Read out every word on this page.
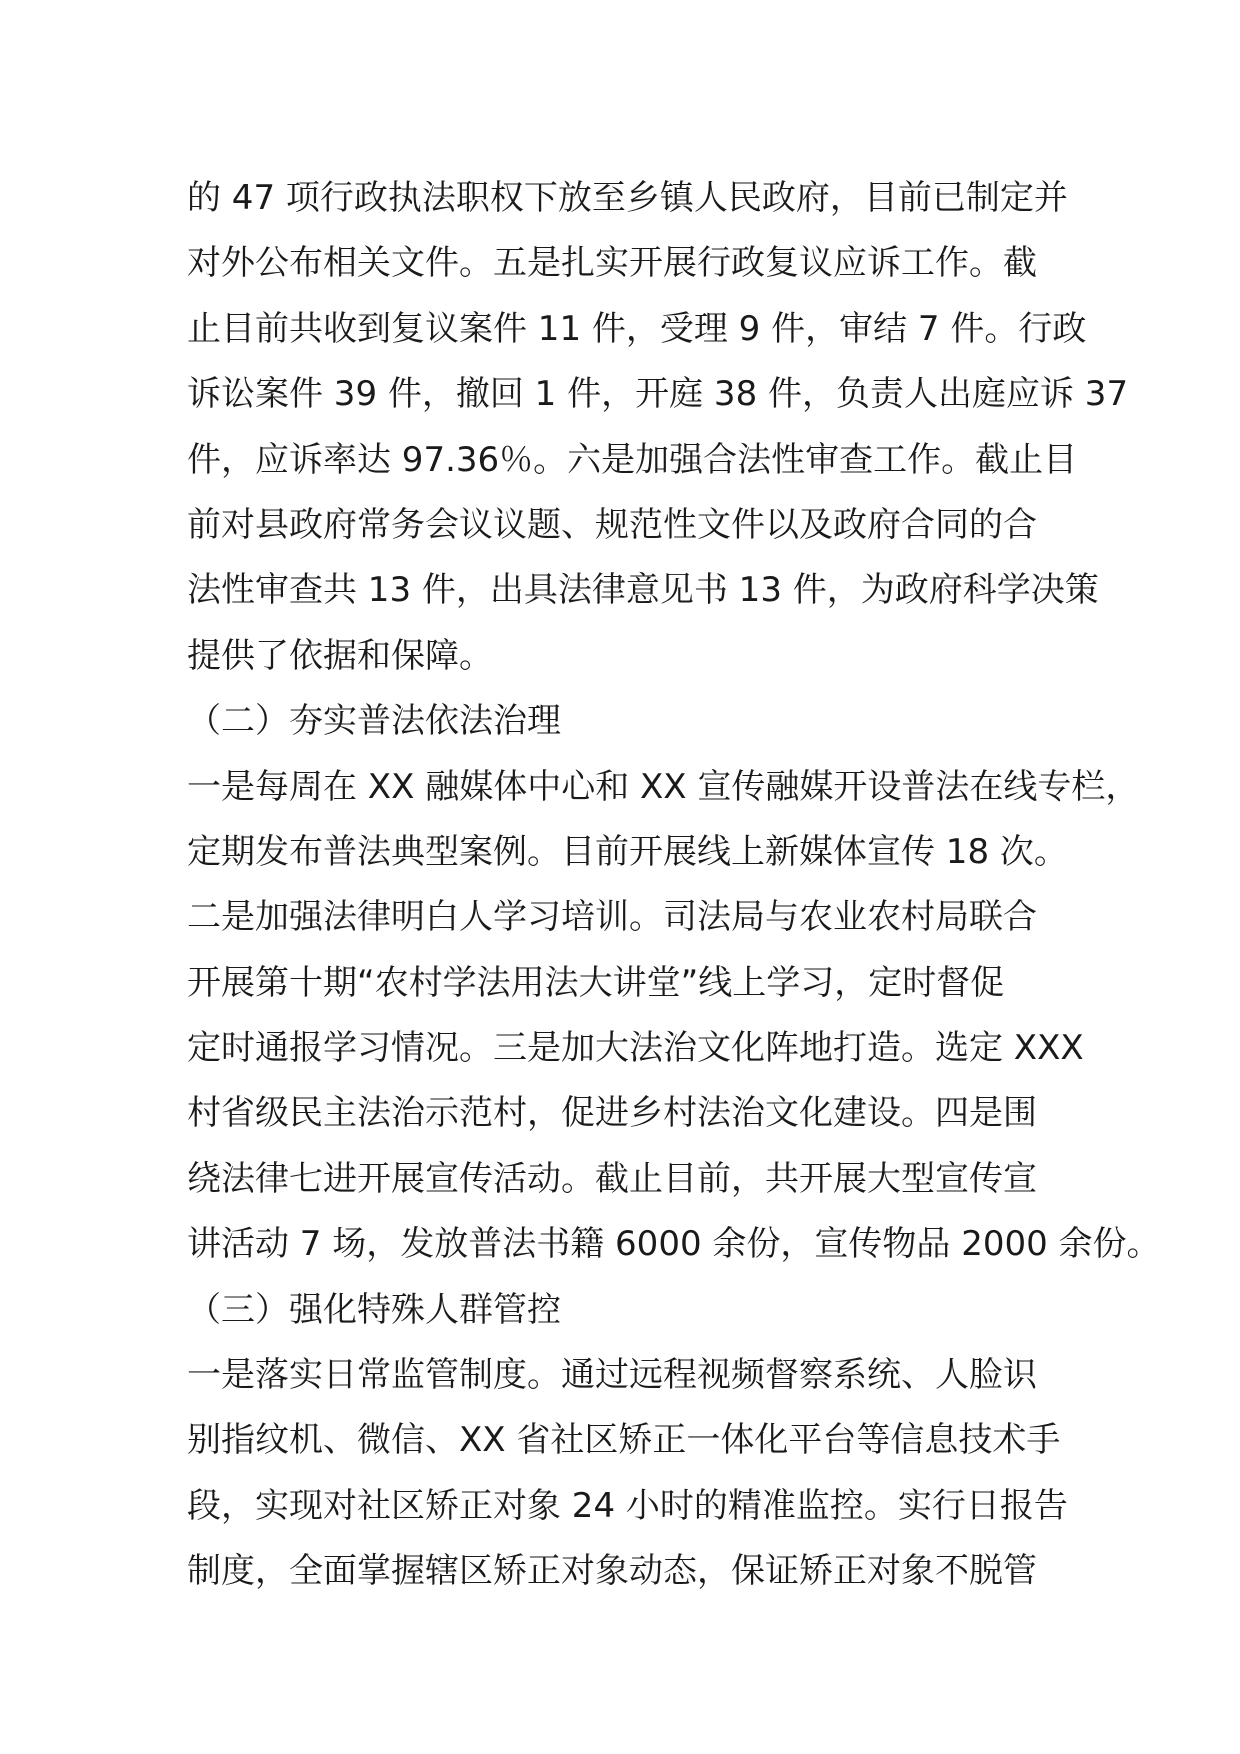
的 47 项行政执法职权下放至乡镇人民政府，目前已制定并
对外公布相关文件。五是扎实开展行政复议应诉工作。截
止目前共收到复议案件 11 件，受理 9 件，审结 7 件。行政
诉讼案件 39 件，撤回 1 件，开庭 38 件，负责人出庭应诉 37
件，应诉率达 97.36％。六是加强合法性审查工作。截止目
前对县政府常务会议议题、规范性文件以及政府合同的合
法性审查共 13 件，出具法律意见书 13 件，为政府科学决策
提供了依据和保障。
（二）夯实普法依法治理
一是每周在 XX 融媒体中心和 XX 宣传融媒开设普法在线专栏，
定期发布普法典型案例。目前开展线上新媒体宣传 18 次。
二是加强法律明白人学习培训。司法局与农业农村局联合
开展第十期“农村学法用法大讲堂”线上学习，定时督促
定时通报学习情况。三是加大法治文化阵地打造。选定 XXX
村省级民主法治示范村，促进乡村法治文化建设。四是围
绕法律七进开展宣传活动。截止目前，共开展大型宣传宣
讲活动 7 场，发放普法书籍 6000 余份，宣传物品 2000 余份。
（三）强化特殊人群管控
一是落实日常监管制度。通过远程视频督察系统、人脸识
别指纹机、微信、XX 省社区矫正一体化平台等信息技术手
段，实现对社区矫正对象 24 小时的精准监控。实行日报告
制度，全面掌握辖区矫正对象动态，保证矫正对象不脱管
